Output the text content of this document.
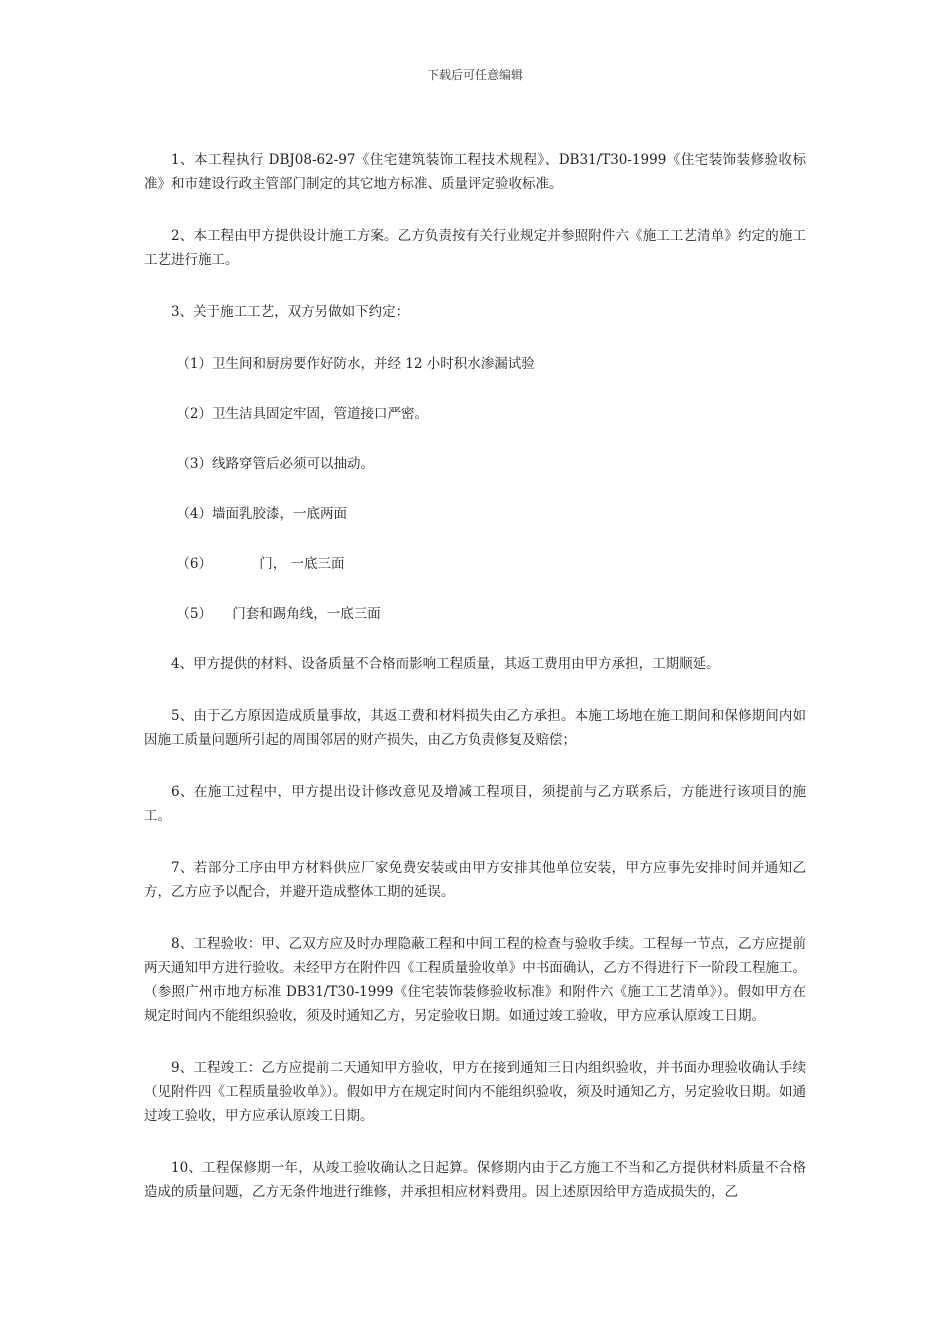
下载后可任意编辑

1、本工程执行 DBJ08-62-97《住宅建筑装饰工程技术规程》、DB31/T30-1999《住宅装饰装修验收标准》和市建设行政主管部门制定的其它地方标准、质量评定验收标准。

2、本工程由甲方提供设计施工方案。乙方负责按有关行业规定并参照附件六《施工工艺清单》约定的施工工艺进行施工。

3、关于施工工艺，双方另做如下约定：

（1）卫生间和厨房要作好防水，并经 12 小时积水渗漏试验

（2）卫生洁具固定牢固，管道接口严密。

（3）线路穿管后必须可以抽动。

（4）墙面乳胶漆，一底两面

（6）　　　　门， 一底三面

（5）　　门套和踢角线，一底三面

4、甲方提供的材料、设备质量不合格而影响工程质量，其返工费用由甲方承担，工期顺延。

5、由于乙方原因造成质量事故，其返工费和材料损失由乙方承担。本施工场地在施工期间和保修期间内如因施工质量问题所引起的周围邻居的财产损失，由乙方负责修复及赔偿；

6、在施工过程中，甲方提出设计修改意见及增减工程项目，须提前与乙方联系后，方能进行该项目的施工。

7、若部分工序由甲方材料供应厂家免费安装或由甲方安排其他单位安装，甲方应事先安排时间并通知乙方，乙方应予以配合，并避开造成整体工期的延误。

8、工程验收：甲、乙双方应及时办理隐蔽工程和中间工程的检查与验收手续。工程每一节点，乙方应提前两天通知甲方进行验收。未经甲方在附件四《工程质量验收单》中书面确认，乙方不得进行下一阶段工程施工。（参照广州市地方标准 DB31/T30-1999《住宅装饰装修验收标准》和附件六《施工工艺清单》）。假如甲方在规定时间内不能组织验收，须及时通知乙方，另定验收日期。如通过竣工验收，甲方应承认原竣工日期。

9、工程竣工：乙方应提前二天通知甲方验收，甲方在接到通知三日内组织验收，并书面办理验收确认手续（见附件四《工程质量验收单》）。假如甲方在规定时间内不能组织验收，须及时通知乙方，另定验收日期。如通过竣工验收，甲方应承认原竣工日期。

10、工程保修期一年，从竣工验收确认之日起算。保修期内由于乙方施工不当和乙方提供材料质量不合格造成的质量问题，乙方无条件地进行维修，并承担相应材料费用。因上述原因给甲方造成损失的，乙
